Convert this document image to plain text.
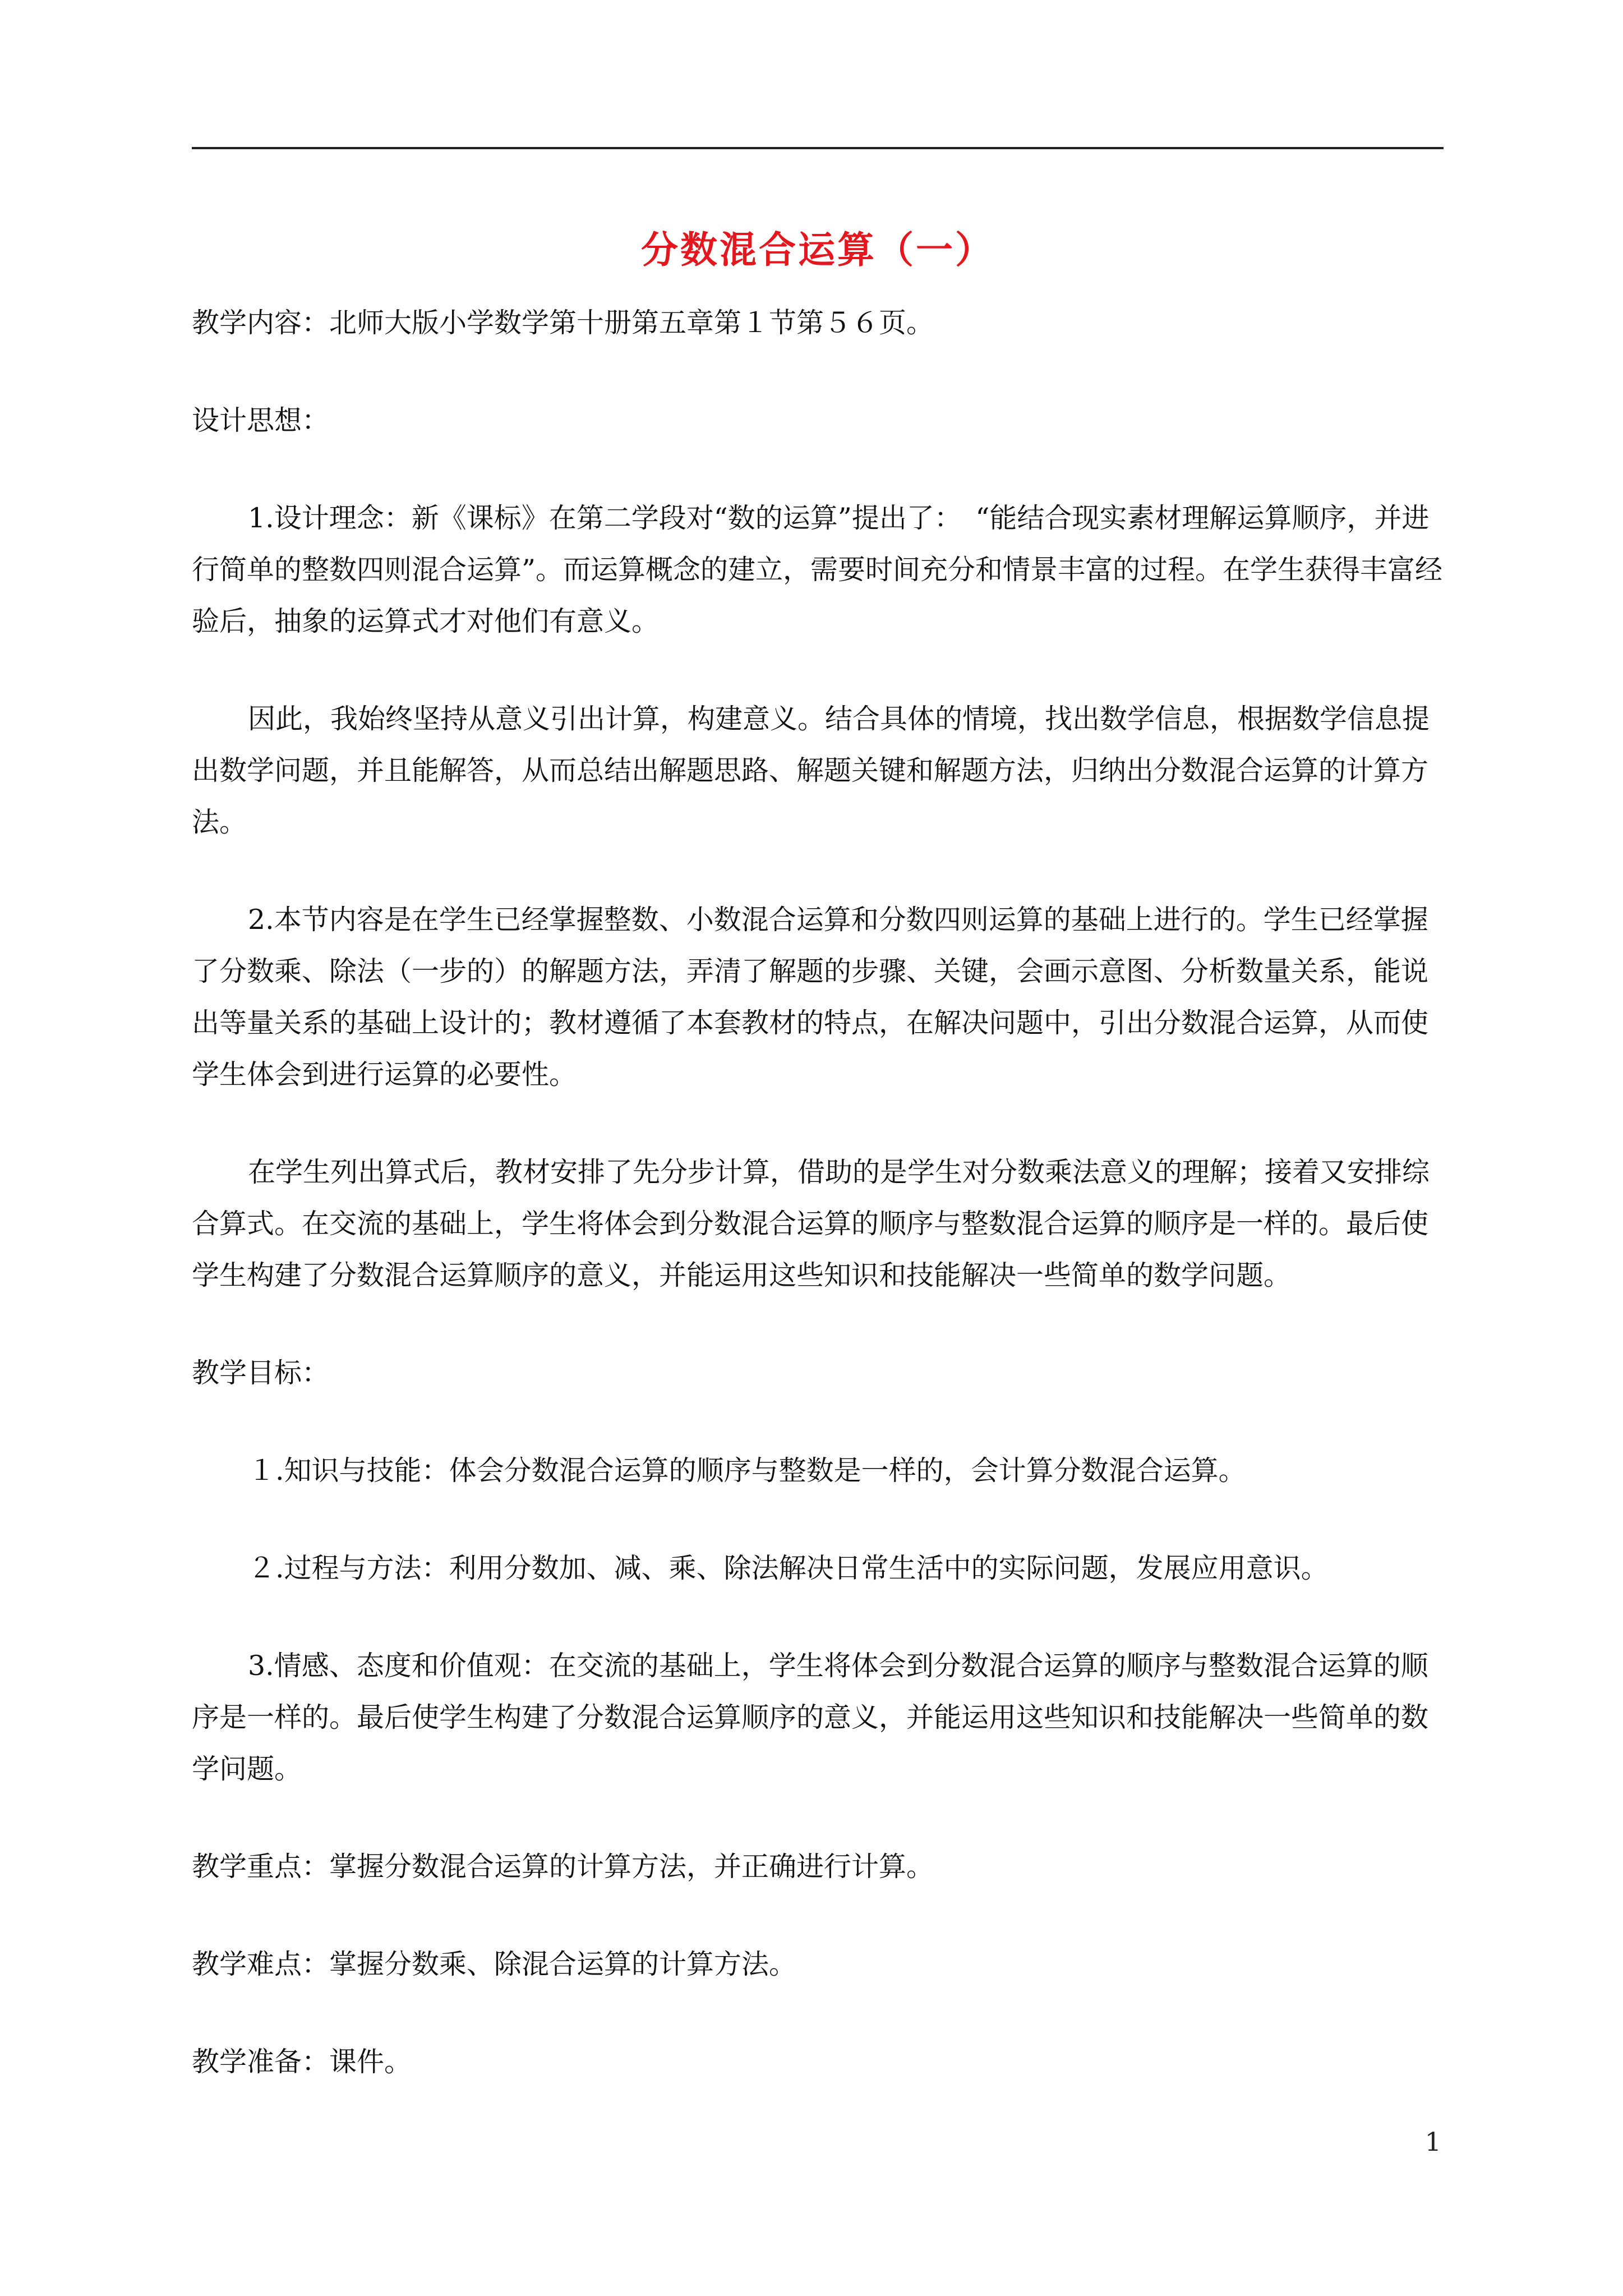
分数混合运算（一）

教学内容：北师大版小学数学第十册第五章第１节第５６页。

设计思想：

1.设计理念：新《课标》在第二学段对“数的运算”提出了：　“能结合现实素材理解运算顺序，并进行简单的整数四则混合运算”。而运算概念的建立，需要时间充分和情景丰富的过程。在学生获得丰富经验后，抽象的运算式才对他们有意义。

因此，我始终坚持从意义引出计算，构建意义。结合具体的情境，找出数学信息，根据数学信息提出数学问题，并且能解答，从而总结出解题思路、解题关键和解题方法，归纳出分数混合运算的计算方法。

2.本节内容是在学生已经掌握整数、小数混合运算和分数四则运算的基础上进行的。学生已经掌握了分数乘、除法（一步的）的解题方法，弄清了解题的步骤、关键，会画示意图、分析数量关系，能说出等量关系的基础上设计的；教材遵循了本套教材的特点，在解决问题中，引出分数混合运算，从而使学生体会到进行运算的必要性。

在学生列出算式后，教材安排了先分步计算，借助的是学生对分数乘法意义的理解；接着又安排综合算式。在交流的基础上，学生将体会到分数混合运算的顺序与整数混合运算的顺序是一样的。最后使学生构建了分数混合运算顺序的意义，并能运用这些知识和技能解决一些简单的数学问题。

教学目标：

１.知识与技能：体会分数混合运算的顺序与整数是一样的，会计算分数混合运算。

２.过程与方法：利用分数加、减、乘、除法解决日常生活中的实际问题，发展应用意识。

3.情感、态度和价值观：在交流的基础上，学生将体会到分数混合运算的顺序与整数混合运算的顺序是一样的。最后使学生构建了分数混合运算顺序的意义，并能运用这些知识和技能解决一些简单的数学问题。

教学重点：掌握分数混合运算的计算方法，并正确进行计算。

教学难点：掌握分数乘、除混合运算的计算方法。

教学准备：课件。

1
